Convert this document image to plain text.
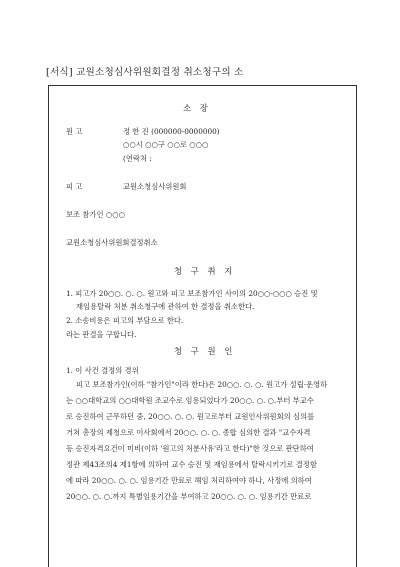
[서식] 교원소청심사위원회결정 취소청구의 소
소 장
원 고	정 한 진 (000000-0000000)
○○시 ○○구 ○○로 ○○○
(연락처 :
피 고	교원소청심사위원회
보조 참가인 ○○○
교원소청심사위원회결정취소
청 구 취 지
1. 피고가 20○○. ○. ○. 원고와 피고 보조참가인 사이의 20○○-○○○ 승진 및
재임용탈락 처분 취소청구에 관하여 한 결정을 취소한다.
2. 소송비용은 피고의 부담으로 한다.
라는 판결을 구합니다.
청 구 원 인
1. 이 사건 결정의 경위
피고 보조참가인(이하 "참가인"이라 한다)은 20○○. ○. ○. 원고가 설립·운영하
는 ○○대학교의 ○○대학원 조교수로 임용되었다가 20○○. ○. ○.부터 부교수
로 승진하여 근무하던 중, 20○○. ○. ○. 원고로부터 교원인사위원회의 심의를
거쳐 총장의 제청으로 이사회에서 20○○. ○. ○. 종합 심의한 결과 "교수자격
등 승진자격요건이 미비(이하 '원고의 처분사유'라고 한다)"한 것으로 판단하여
정관 제43조의4 제1항에 의하여 교수 승진 및 재임용에서 탈락시키기로 결정함
에 따라 20○○. ○. ○. 임용기간 만료로 해임 처리하여야 하나, 사정에 의하여
20○○. ○. ○.까지 특별임용기간을 부여하고 20○○. ○. ○. 임용기간 만료로
